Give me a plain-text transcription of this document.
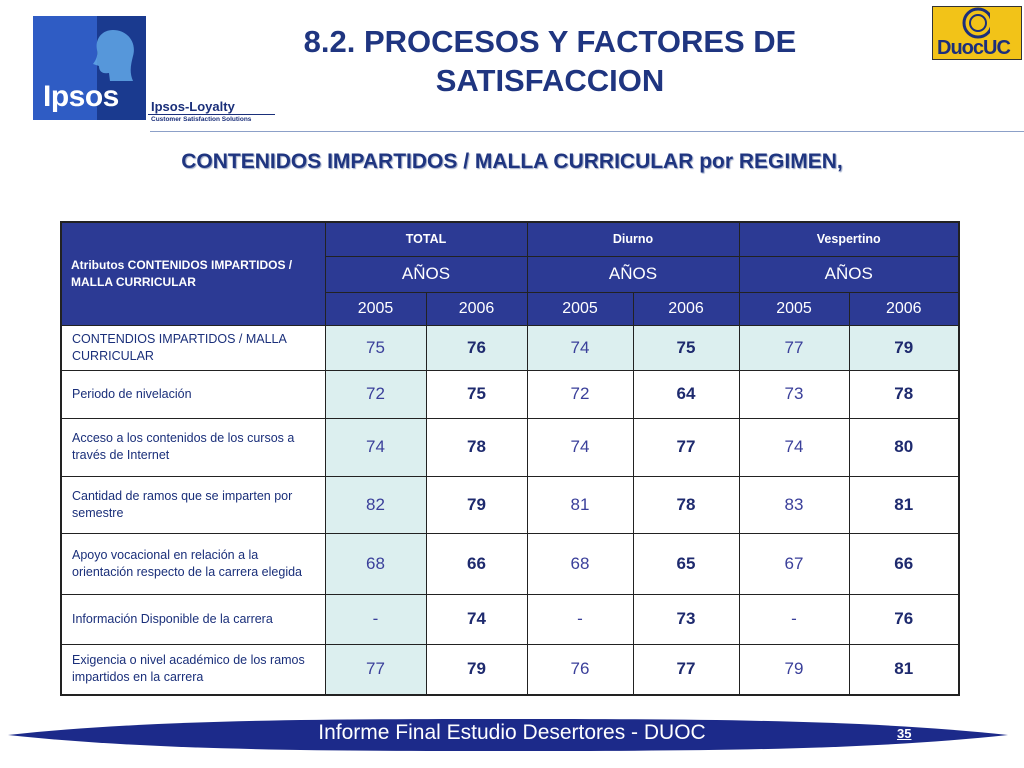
Ipsos Ipsos-Loyalty
Customer Satisfaction Solutions
8.2. PROCESOS Y FACTORES DE
SATISFACCION
DuocUC
CONTENIDOS IMPARTIDOS / MALLA CURRICULAR por REGIMEN,
Atributos CONTENIDOS IMPARTIDOS / MALLA CURRICULAR	TOTAL		Diurno		Vespertino	
	AÑOS		AÑOS		AÑOS	
	2005	2006	2005	2006	2005	2006
CONTENDIOS IMPARTIDOS / MALLA CURRICULAR	75	76	74	75	77	79
Periodo de nivelación	72	75	72	64	73	78
Acceso a los contenidos de los cursos a través de Internet	74	78	74	77	74	80
Cantidad de ramos que se imparten por semestre	82	79	81	78	83	81
Apoyo vocacional en relación a la orientación respecto de la carrera elegida	68	66	68	65	67	66
Información Disponible de la carrera	-	74	-	73	-	76
Exigencia o nivel académico de los ramos impartidos en la carrera	77	79	76	77	79	81
Informe Final Estudio Desertores - DUOC	35
